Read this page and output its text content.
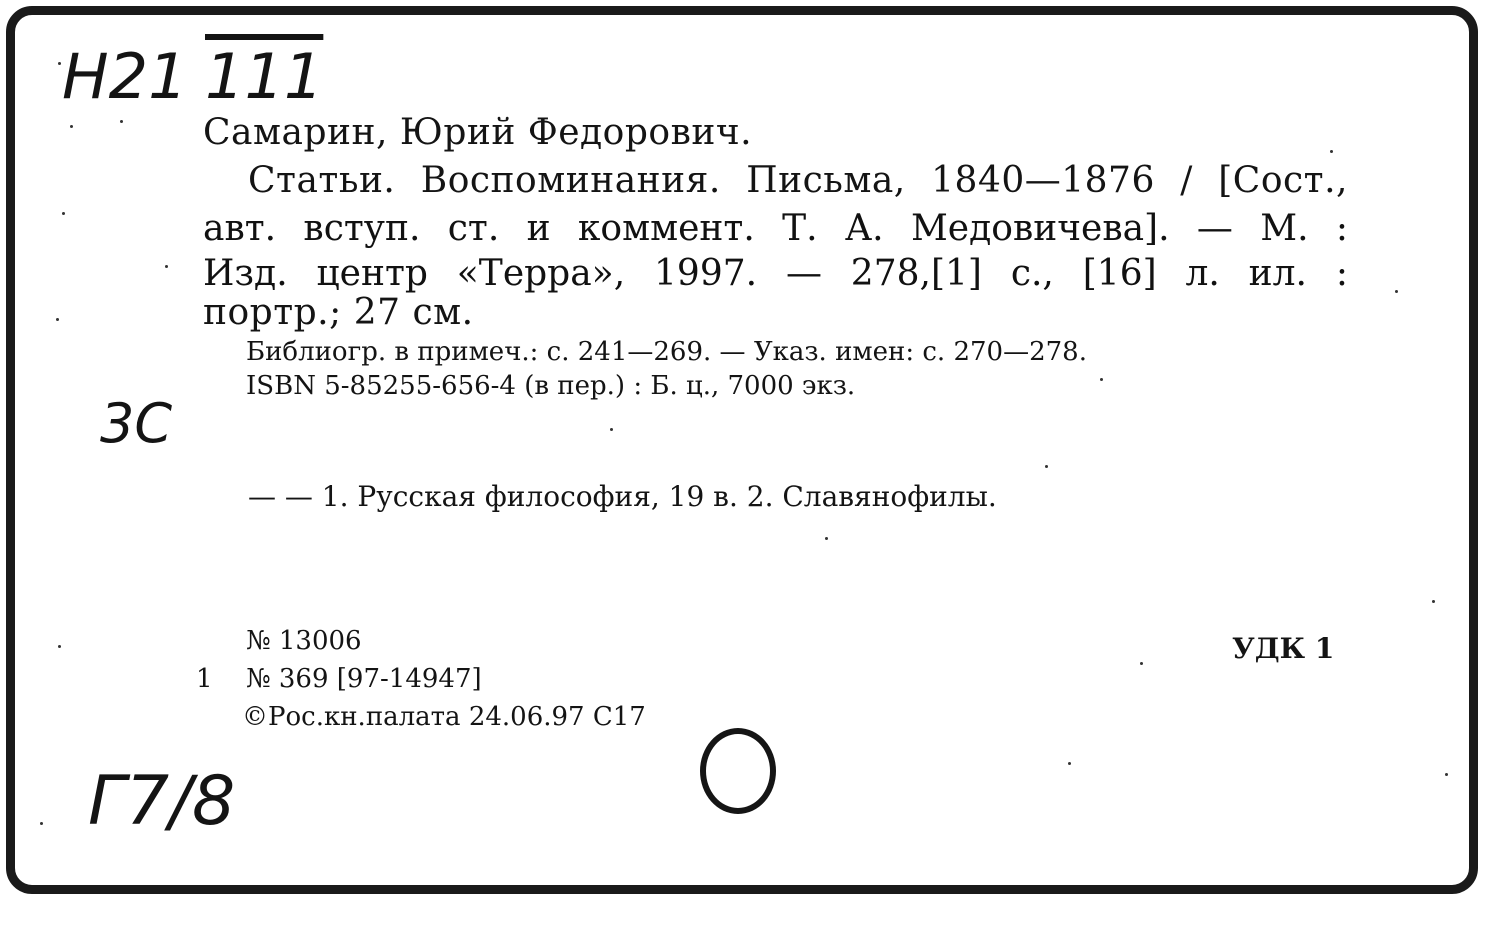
H21 111
3С
Г7/8
Самарин, Юрий Федорович.
Статьи. Воспоминания. Письма, 1840—1876 / [Сост.,
авт. вступ. ст. и коммент. Т. А. Медовичева]. — М. :
Изд. центр «Терра», 1997. — 278,[1] с., [16] л. ил. :
портр.; 27 см.
Библиогр. в примеч.: с. 241—269. — Указ. имен: с. 270—278.
ISBN 5-85255-656-4 (в пер.) : Б. ц., 7000 экз.
— — 1. Русская философия, 19 в. 2. Славянофилы.
№ 13006
1 № 369 [97-14947]
©Рос.кн.палата 24.06.97 С17
УДК 1
